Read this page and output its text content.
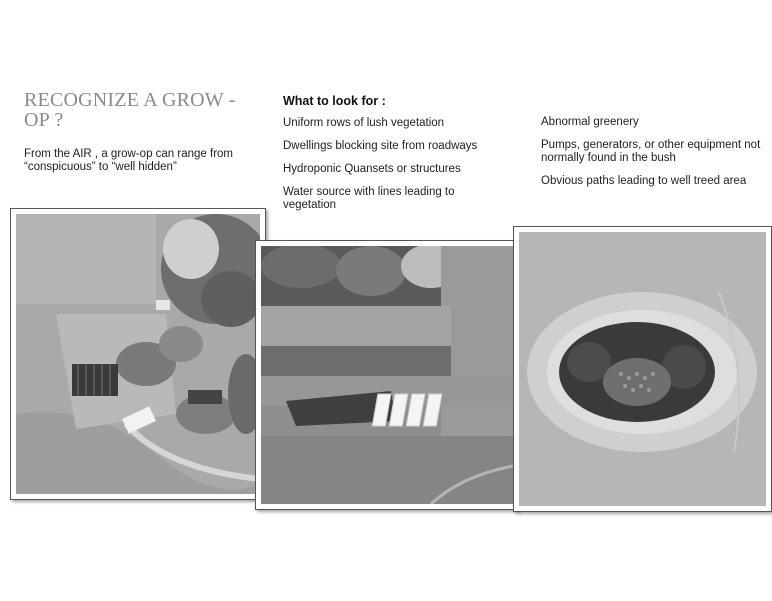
RECOGNIZE A GROW - OP ?
From the AIR , a grow-op can range from “conspicuous” to “well hidden”
What to look for :
Uniform rows of lush vegetation
Dwellings blocking site from roadways
Hydroponic Quansets or structures
Water source with lines leading to vegetation
Abnormal greenery
Pumps, generators, or other equipment not normally found in the bush
Obvious paths leading to well treed area
